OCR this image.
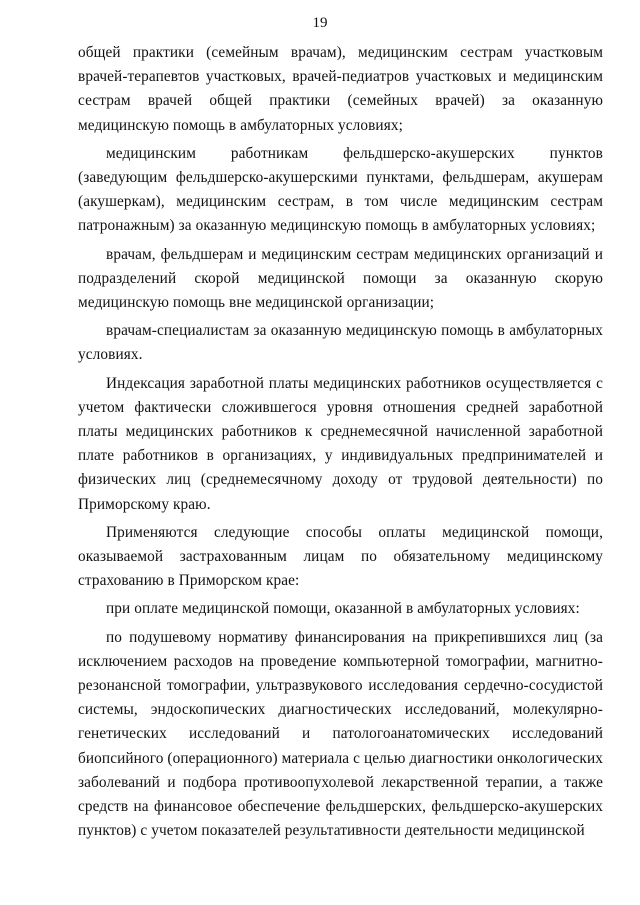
19

общей практики (семейным врачам), медицинским сестрам участковым врачей-терапевтов участковых, врачей-педиатров участковых и медицинским сестрам врачей общей практики (семейных врачей) за оказанную медицинскую помощь в амбулаторных условиях;

медицинским работникам фельдшерско-акушерских пунктов (заведующим фельдшерско-акушерскими пунктами, фельдшерам, акушерам (акушеркам), медицинским сестрам, в том числе медицинским сестрам патронажным) за оказанную медицинскую помощь в амбулаторных условиях;

врачам, фельдшерам и медицинским сестрам медицинских организаций и подразделений скорой медицинской помощи за оказанную скорую медицинскую помощь вне медицинской организации;

врачам-специалистам за оказанную медицинскую помощь в амбулаторных условиях.

Индексация заработной платы медицинских работников осуществляется с учетом фактически сложившегося уровня отношения средней заработной платы медицинских работников к среднемесячной начисленной заработной плате работников в организациях, у индивидуальных предпринимателей и физических лиц (среднемесячному доходу от трудовой деятельности) по Приморскому краю.

Применяются следующие способы оплаты медицинской помощи, оказываемой застрахованным лицам по обязательному медицинскому страхованию в Приморском крае:

при оплате медицинской помощи, оказанной в амбулаторных условиях:

по подушевому нормативу финансирования на прикрепившихся лиц (за исключением расходов на проведение компьютерной томографии, магнитно-резонансной томографии, ультразвукового исследования сердечно-сосудистой системы, эндоскопических диагностических исследований, молекулярно-генетических исследований и патологоанатомических исследований биопсийного (операционного) материала с целью диагностики онкологических заболеваний и подбора противоопухолевой лекарственной терапии, а также средств на финансовое обеспечение фельдшерских, фельдшерско-акушерских пунктов) с учетом показателей результативности деятельности медицинской
